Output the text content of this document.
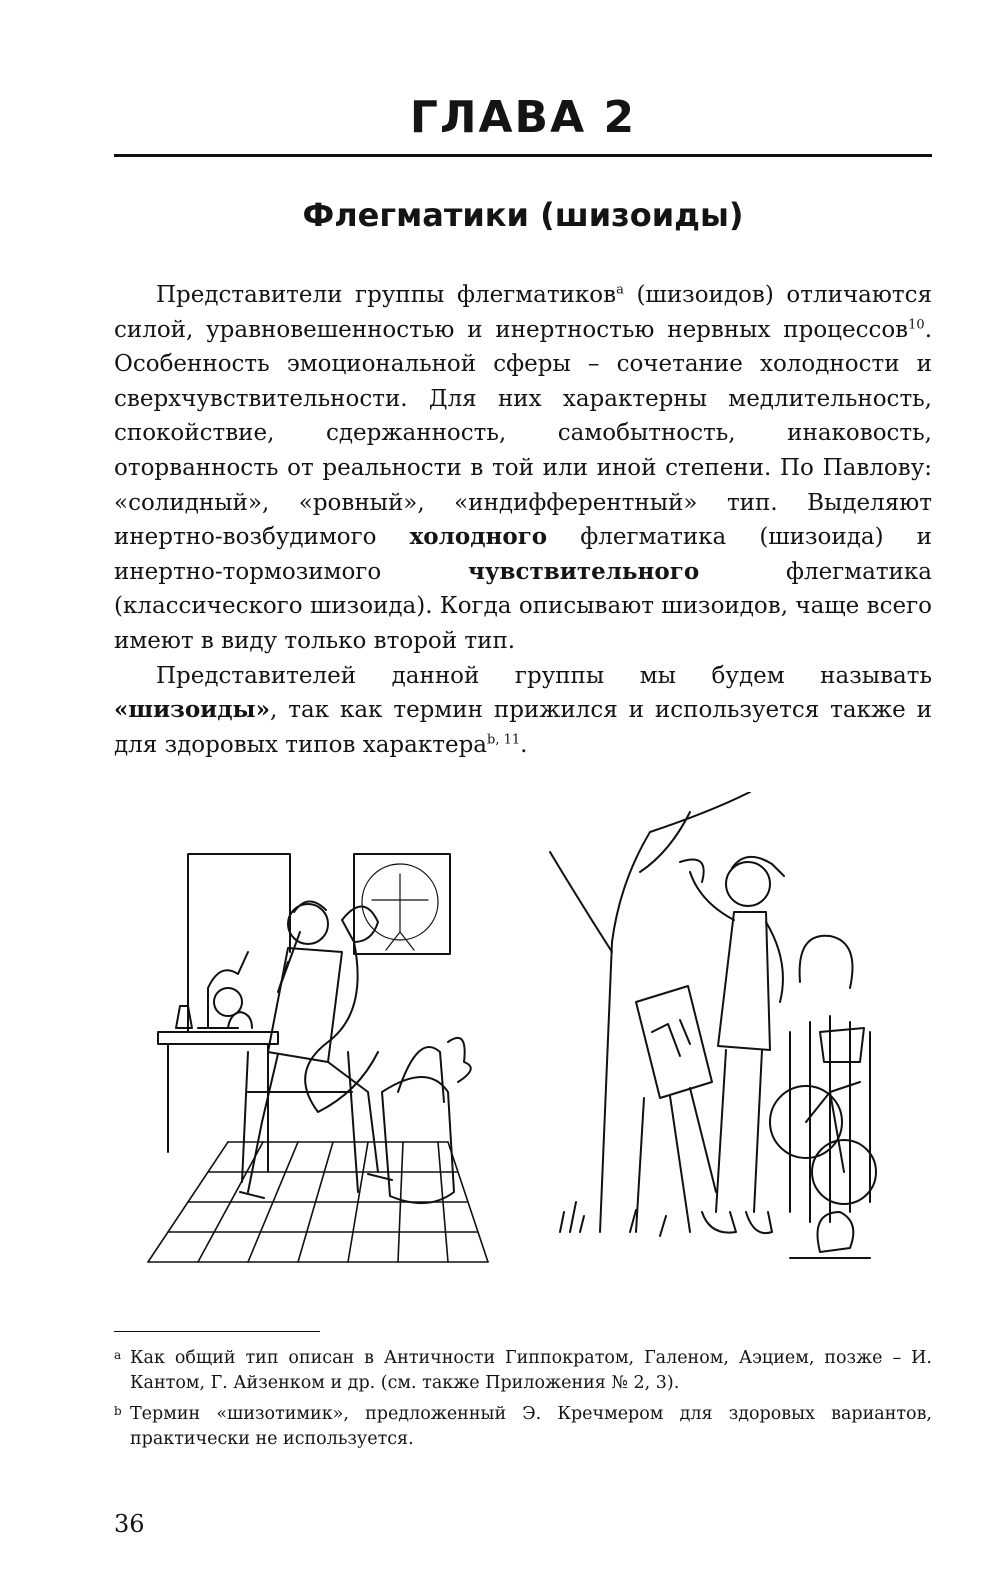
ГЛАВА 2
Флегматики (шизоиды)

Представители группы флегматиков$^a$ (шизоидов) отличаются силой, уравновешенностью и инертностью нервных процессов$^{10}$. Особенность эмоциональной сферы – сочетание холодности и сверхчувствительности. Для них характерны медлительность, спокойствие, сдержанность, самобытность, инаковость, оторванность от реальности в той или иной степени. По Павлову: «солидный», «ровный», «индифферентный» тип. Выделяют инертно-возбудимого холодного флегматика (шизоида) и инертно-тормозимого чувствительного флегматика (классического шизоида). Когда описывают шизоидов, чаще всего имеют в виду только второй тип.

Представителей данной группы мы будем называть «шизоиды», так как термин прижился и используется также и для здоровых типов характера$^{b, 11}$.

a Как общий тип описан в Античности Гиппократом, Галеном, Аэцием, позже – И. Кантом, Г. Айзенком и др. (см. также Приложения № 2, 3).
b Термин «шизотимик», предложенный Э. Кречмером для здоровых вариантов, практически не используется.
36
